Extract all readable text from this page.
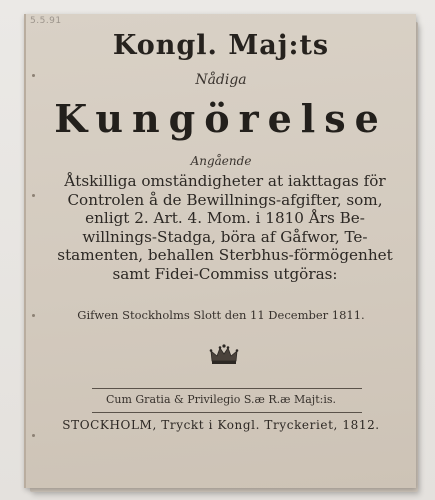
5.5.91
Kongl. Maj:ts
Nådiga
Kungörelse
Angående
Åtskilliga omständigheter at iakttagas för
Controlen å de Bewillnings-afgifter, som,
enligt 2. Art. 4. Mom. i 1810 Års Be-
willnings-Stadga, böra af Gåfwor, Te-
stamenten, behallen Sterbhus-förmögenhet
samt Fidei-Commiss utgöras:
Gifwen Stockholms Slott den 11 December 1811.
Cum Gratia & Privilegio S.æ R.æ Majt:is.
STOCKHOLM, Tryckt i Kongl. Tryckeriet, 1812.
